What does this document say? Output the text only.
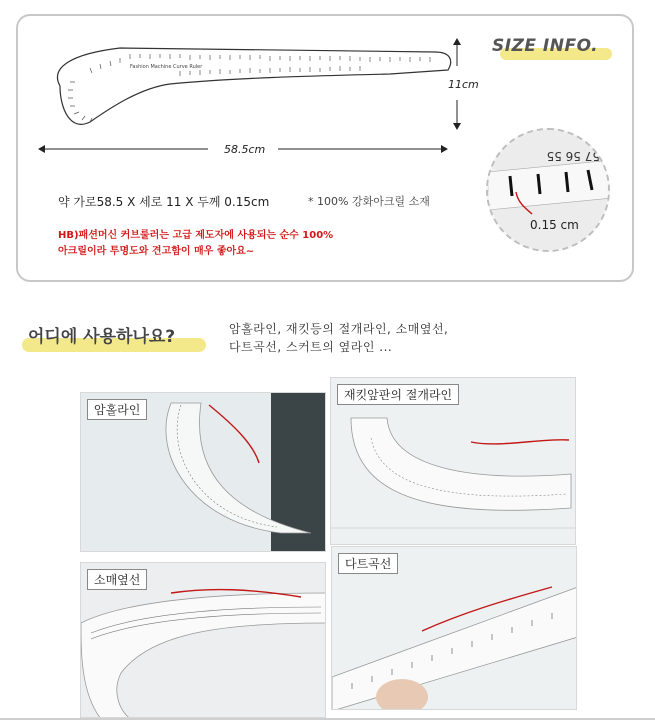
SIZE INFO.
Fashion Machine Curve Ruler
11cm
58.5cm
약 가로58.5 X 세로 11 X 두께 0.15cm	* 100% 강화아크릴 소재
HB)패션머신 커브룰러는 고급 제도자에 사용되는 순수 100%
아크릴이라 투명도와 견고함이 매우 좋아요~
57 56 55
0.15 cm
어디에 사용하나요?	암홀라인, 재킷등의 절개라인, 소매옆선,
다트곡선, 스커트의 옆라인 ...
암홀라인
재킷앞판의 절개라인
소매옆선
다트곡선
